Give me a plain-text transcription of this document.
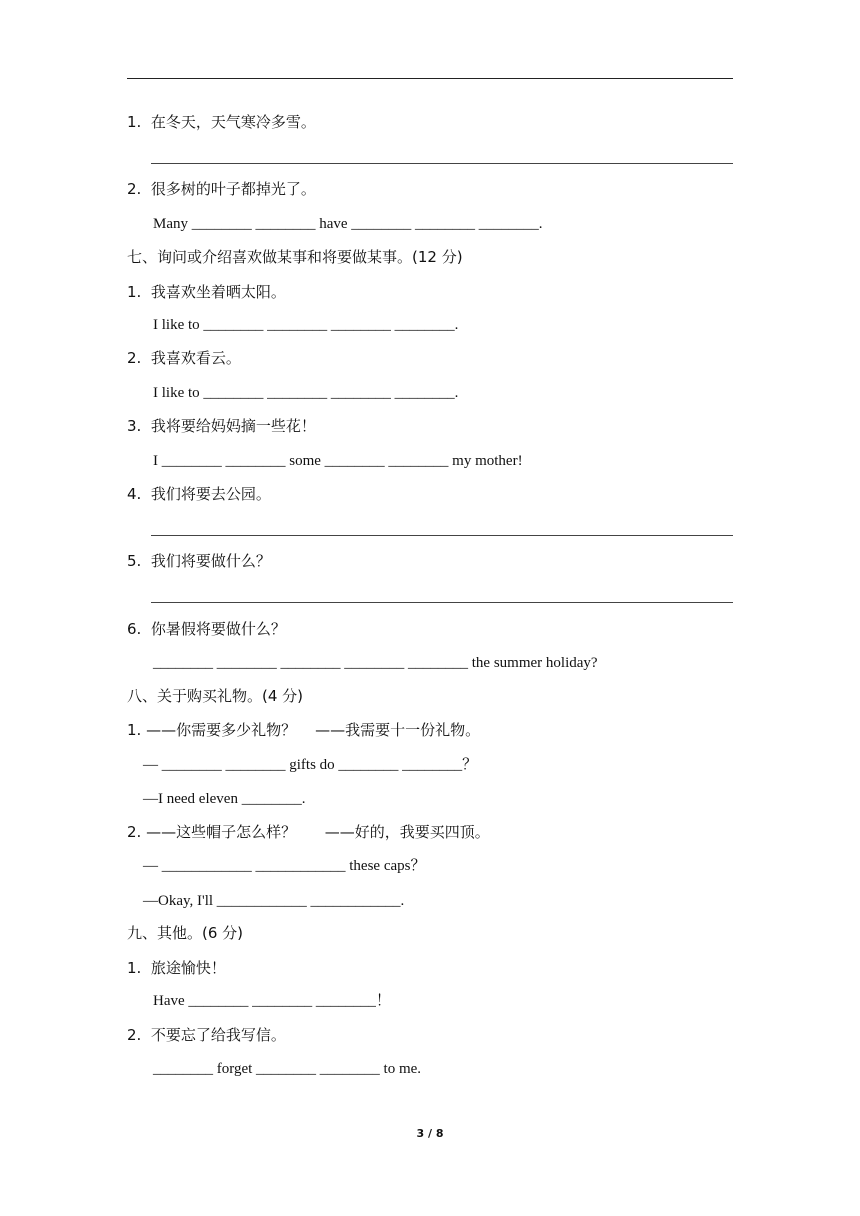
1.  在冬天，天气寒冷多雪。
2.  很多树的叶子都掉光了。
Many ________ ________ have ________ ________ ________.
七、询问或介绍喜欢做某事和将要做某事。(12 分)
1.  我喜欢坐着晒太阳。
I like to ________ ________ ________ ________.
2.  我喜欢看云。
I like to ________ ________ ________ ________.
3.  我将要给妈妈摘一些花！
I ________ ________ some ________ ________ my mother!
4.  我们将要去公园。
5.  我们将要做什么？
6.  你暑假将要做什么？
________ ________ ________ ________ ________ the summer holiday?
八、关于购买礼物。(4 分)
1. ——你需要多少礼物？    ——我需要十一份礼物。
— ________ ________ gifts do ________ ________？
—I need eleven ________.
2. ——这些帽子怎么样？      ——好的，我要买四顶。
— ____________ ____________ these caps？
—Okay, I'll ____________ ____________.
九、其他。(6 分)
1.  旅途愉快！
Have ________ ________ ________！
2.  不要忘了给我写信。
________ forget ________ ________ to me.
3 / 8
